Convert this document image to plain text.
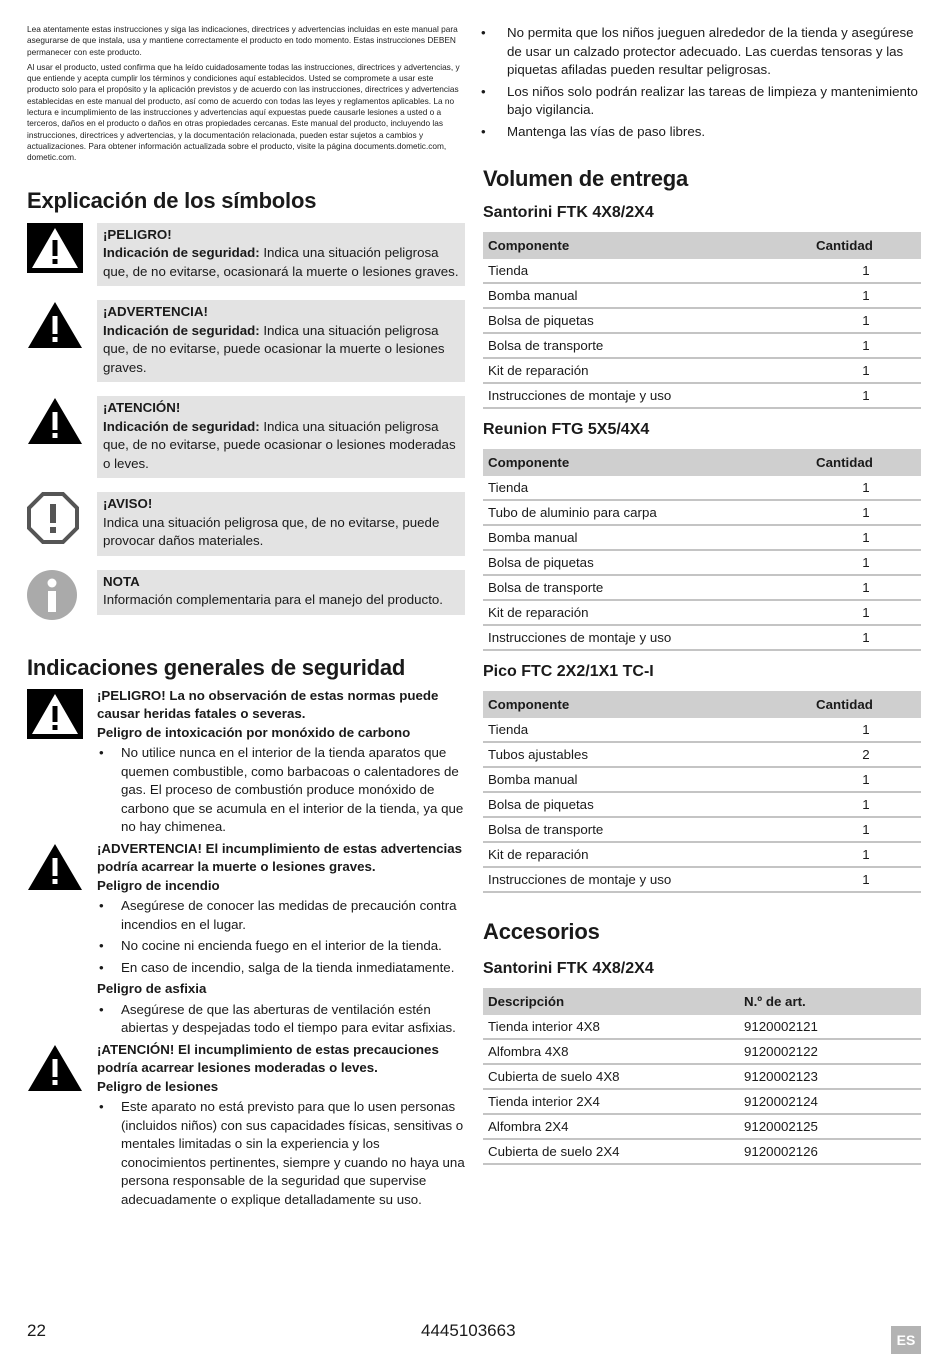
Lea atentamente estas instrucciones y siga las indicaciones, directrices y advertencias incluidas en este manual para asegurarse de que instala, usa y mantiene correctamente el producto en todo momento. Estas instrucciones DEBEN permanecer con este producto.

Al usar el producto, usted confirma que ha leído cuidadosamente todas las instrucciones, directrices y advertencias, y que entiende y acepta cumplir los términos y condiciones aquí establecidos. Usted se compromete a usar este producto solo para el propósito y la aplicación previstos y de acuerdo con las instrucciones, directrices y advertencias establecidas en este manual del producto, así como de acuerdo con todas las leyes y reglamentos aplicables. La no lectura e incumplimiento de las instrucciones y advertencias aquí expuestas puede causarle lesiones a usted o a terceros, daños en el producto o daños en otras propiedades cercanas. Este manual del producto, incluyendo las instrucciones, directrices y advertencias, y la documentación relacionada, pueden estar sujetos a cambios y actualizaciones. Para obtener información actualizada sobre el producto, visite la página documents.dometic.com, dometic.com.

Explicación de los símbolos
¡PELIGRO!
Indicación de seguridad: Indica una situación peligrosa que, de no evitarse, ocasionará la muerte o lesiones graves.
¡ADVERTENCIA!
Indicación de seguridad: Indica una situación peligrosa que, de no evitarse, puede ocasionar la muerte o lesiones graves.
¡ATENCIÓN!
Indicación de seguridad: Indica una situación peligrosa que, de no evitarse, puede ocasionar o lesiones moderadas o leves.
¡AVISO!
Indica una situación peligrosa que, de no evitarse, puede provocar daños materiales.
NOTA
Información complementaria para el manejo del producto.
Indicaciones generales de seguridad
¡PELIGRO! La no observación de estas normas puede causar heridas fatales o severas.
Peligro de intoxicación por monóxido de carbono
• No utilice nunca en el interior de la tienda aparatos que quemen combustible, como barbacoas o calentadores de gas. El proceso de combustión produce monóxido de carbono que se acumula en el interior de la tienda, ya que no hay chimenea.
¡ADVERTENCIA! El incumplimiento de estas advertencias podría acarrear la muerte o lesiones graves.
Peligro de incendio
• Asegúrese de conocer las medidas de precaución contra incendios en el lugar.
• No cocine ni encienda fuego en el interior de la tienda.
• En caso de incendio, salga de la tienda inmediatamente.
Peligro de asfixia
• Asegúrese de que las aberturas de ventilación estén abiertas y despejadas todo el tiempo para evitar asfixias.
¡ATENCIÓN! El incumplimiento de estas precauciones podría acarrear lesiones moderadas o leves.
Peligro de lesiones
• Este aparato no está previsto para que lo usen personas (incluidos niños) con sus capacidades físicas, sensitivas o mentales limitadas o sin la experiencia y los conocimientos pertinentes, siempre y cuando no haya una persona responsable de la seguridad que supervise adecuadamente o explique detalladamente su uso.
• No permita que los niños jueguen alrededor de la tienda y asegúrese de usar un calzado protector adecuado. Las cuerdas tensoras y las piquetas afiladas pueden resultar peligrosas.
• Los niños solo podrán realizar las tareas de limpieza y mantenimiento bajo vigilancia.
• Mantenga las vías de paso libres.
Volumen de entrega
Santorini FTK 4X8/2X4
Componente	Cantidad
Tienda	1
Bomba manual	1
Bolsa de piquetas	1
Bolsa de transporte	1
Kit de reparación	1
Instrucciones de montaje y uso	1
Reunion FTG 5X5/4X4
Componente	Cantidad
Tienda	1
Tubo de aluminio para carpa	1
Bomba manual	1
Bolsa de piquetas	1
Bolsa de transporte	1
Kit de reparación	1
Instrucciones de montaje y uso	1
Pico FTC 2X2/1X1 TC-I
Componente	Cantidad
Tienda	1
Tubos ajustables	2
Bomba manual	1
Bolsa de piquetas	1
Bolsa de transporte	1
Kit de reparación	1
Instrucciones de montaje y uso	1
Accesorios
Santorini FTK 4X8/2X4
Descripción	N.º de art.
Tienda interior 4X8	9120002121
Alfombra 4X8	9120002122
Cubierta de suelo 4X8	9120002123
Tienda interior 2X4	9120002124
Alfombra 2X4	9120002125
Cubierta de suelo 2X4	9120002126
22	4445103663	ES
